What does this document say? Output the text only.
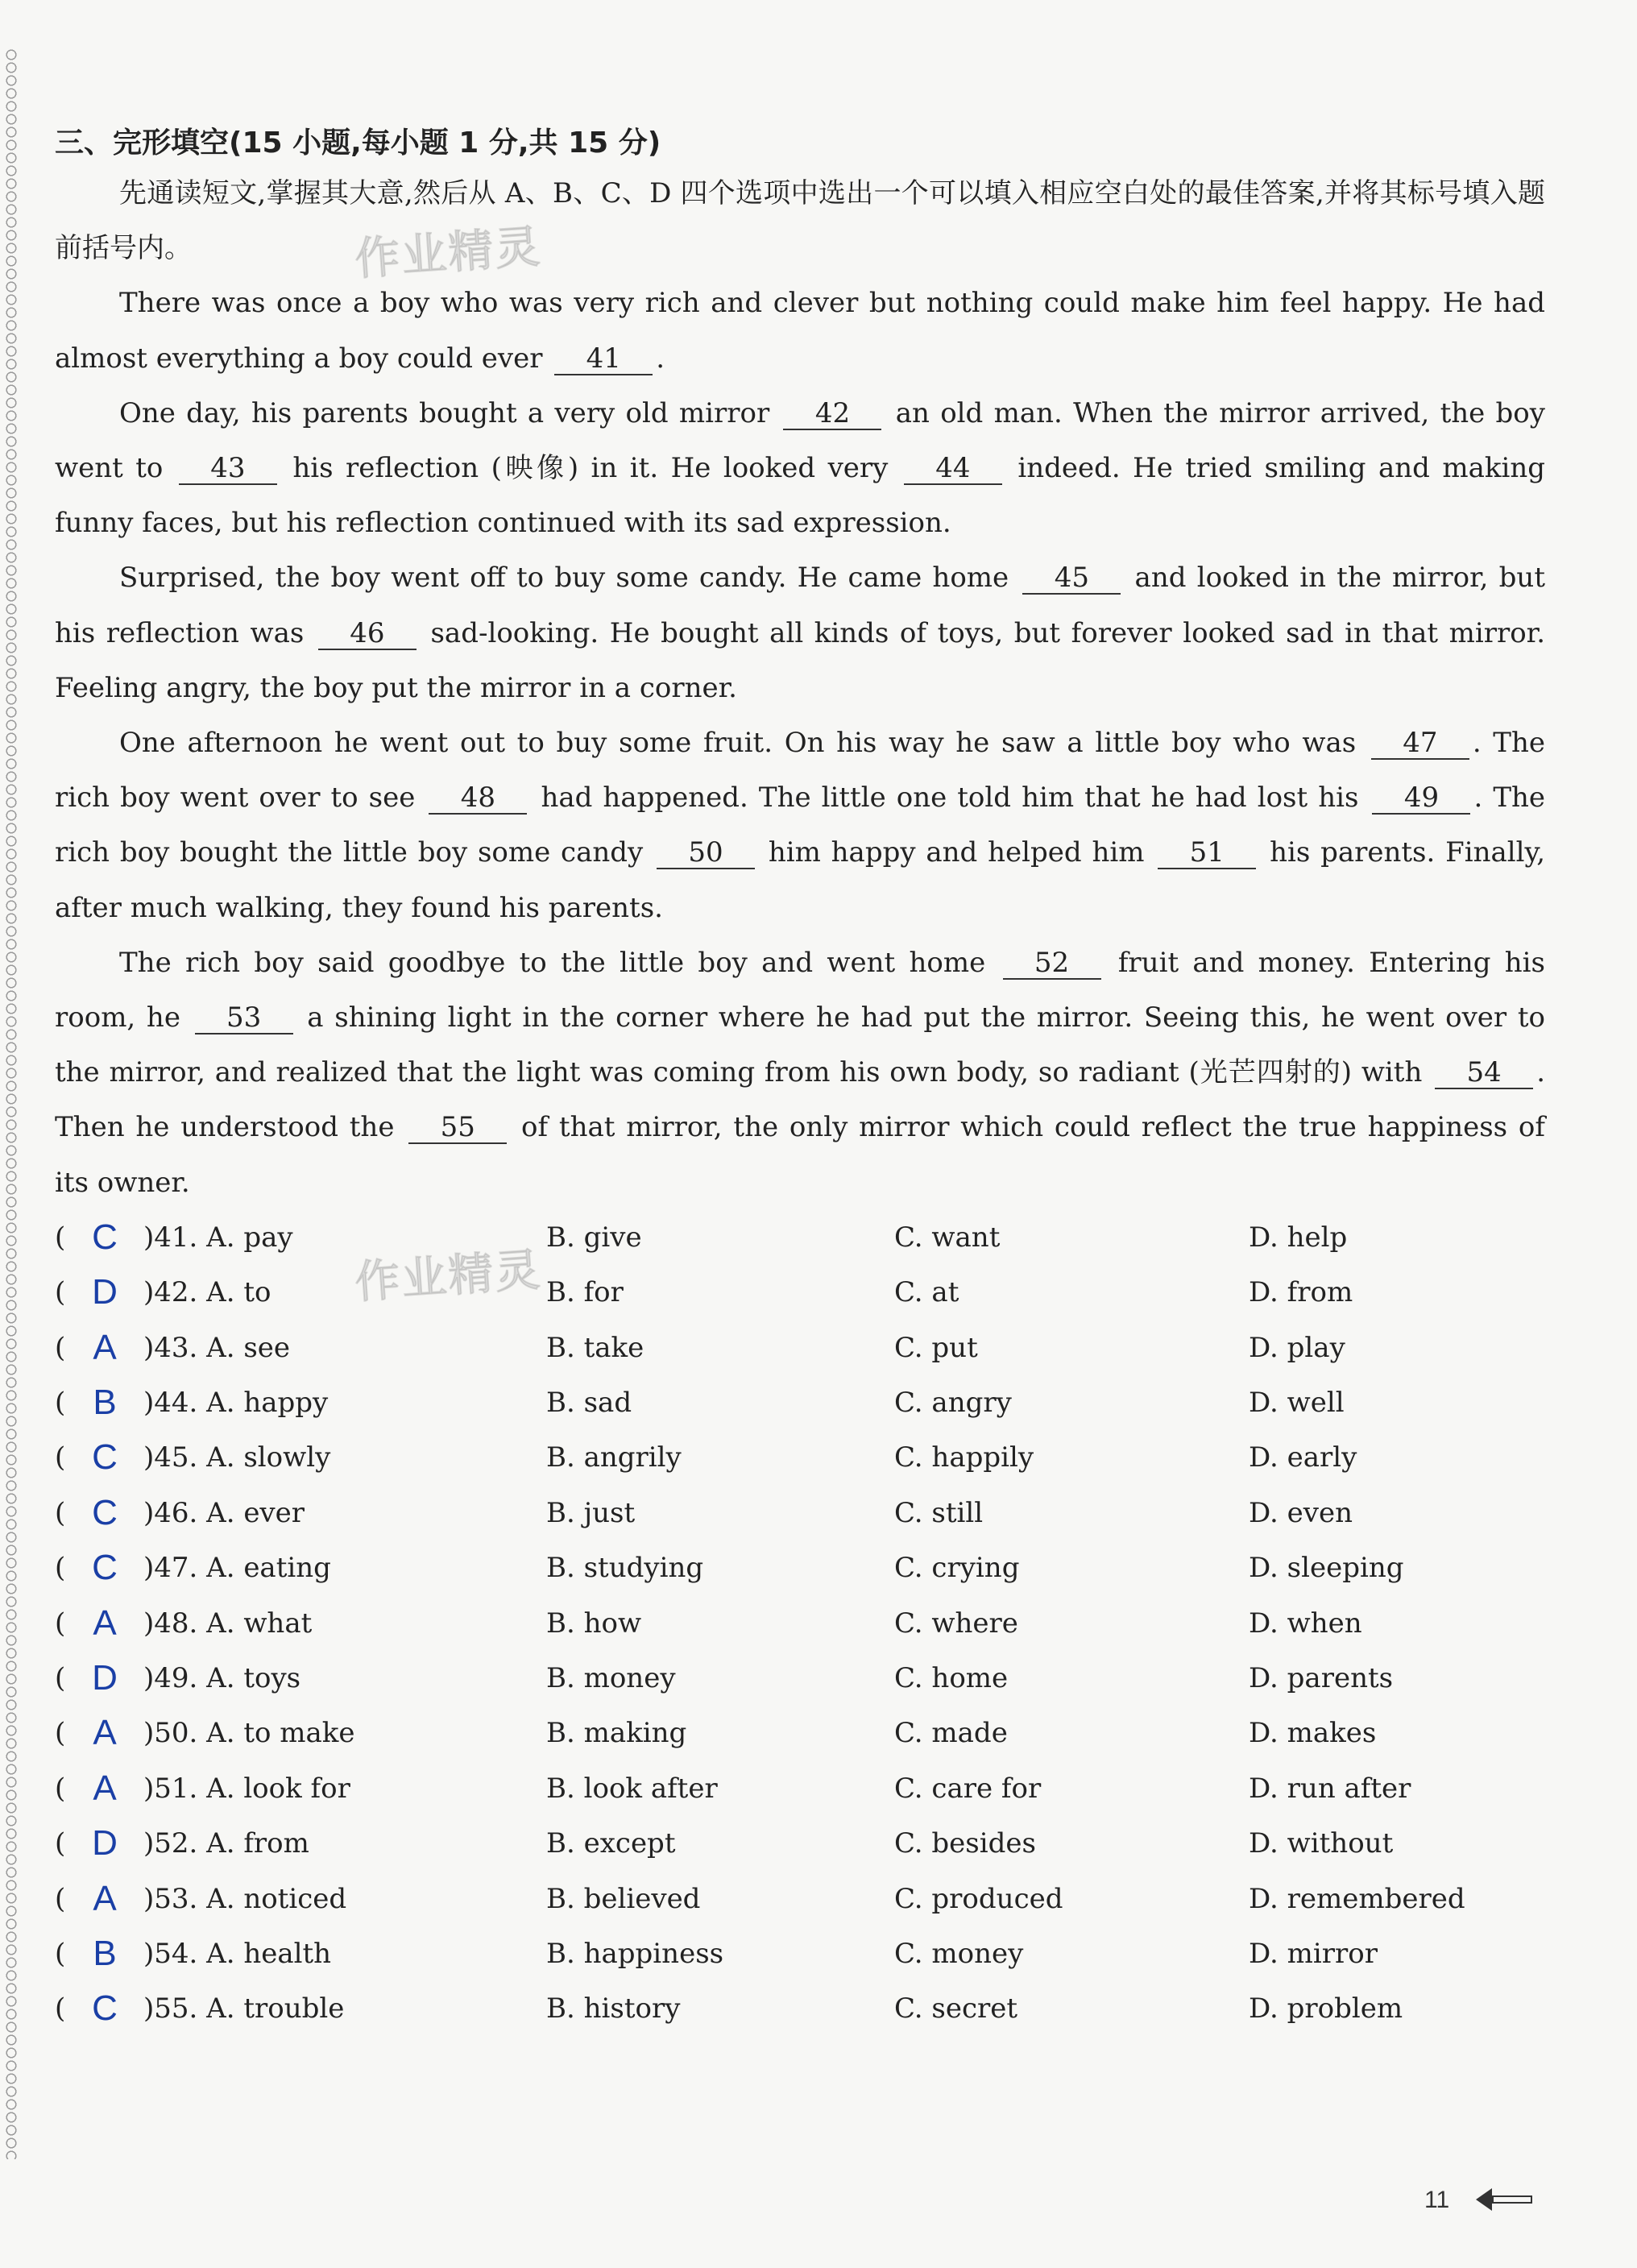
作业精灵
作业精灵
三、完形填空(15 小题,每小题 1 分,共 15 分)

先通读短文,掌握其大意,然后从 A、B、C、D 四个选项中选出一个可以填入相应空白处的最佳答案,并将其标号填入题前括号内。

There was once a boy who was very rich and clever but nothing could make him feel happy. He had almost everything a boy could ever 41 .

One day, his parents bought a very old mirror 42 an old man. When the mirror arrived, the boy went to 43 his reflection (映像) in it. He looked very 44 indeed. He tried smiling and making funny faces, but his reflection continued with its sad expression.

Surprised, the boy went off to buy some candy. He came home 45 and looked in the mirror, but his reflection was 46 sad-looking. He bought all kinds of toys, but forever looked sad in that mirror. Feeling angry, the boy put the mirror in a corner.

One afternoon he went out to buy some fruit. On his way he saw a little boy who was 47 . The rich boy went over to see 48 had happened. The little one told him that he had lost his 49 . The rich boy bought the little boy some candy 50 him happy and helped him 51 his parents. Finally, after much walking, they found his parents.

The rich boy said goodbye to the little boy and went home 52 fruit and money. Entering his room, he 53 a shining light in the corner where he had put the mirror. Seeing this, he went over to the mirror, and realized that the light was coming from his own body, so radiant (光芒四射的) with 54 . Then he understood the 55 of that mirror, the only mirror which could reflect the true happiness of its owner.

( C )41. A. pay	B. give	C. want	D. help
( D )42. A. to	B. for	C. at	D. from
( A )43. A. see	B. take	C. put	D. play
( B )44. A. happy	B. sad	C. angry	D. well
( C )45. A. slowly	B. angrily	C. happily	D. early
( C )46. A. ever	B. just	C. still	D. even
( C )47. A. eating	B. studying	C. crying	D. sleeping
( A )48. A. what	B. how	C. where	D. when
( D )49. A. toys	B. money	C. home	D. parents
( A )50. A. to make	B. making	C. made	D. makes
( A )51. A. look for	B. look after	C. care for	D. run after
( D )52. A. from	B. except	C. besides	D. without
( A )53. A. noticed	B. believed	C. produced	D. remembered
( B )54. A. health	B. happiness	C. money	D. mirror
( C )55. A. trouble	B. history	C. secret	D. problem
11
